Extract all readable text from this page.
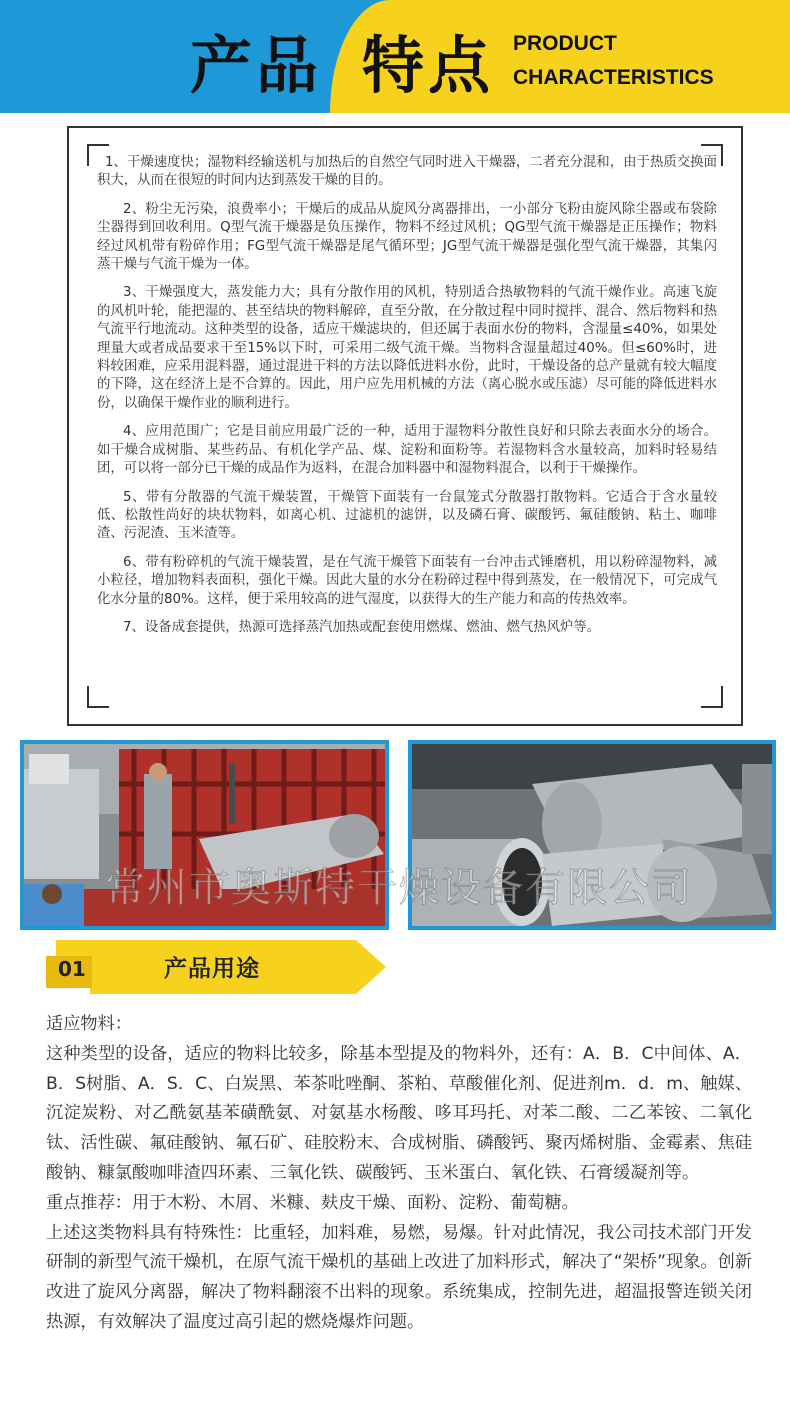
产品 特点 PRODUCT
CHARACTERISTICS

1、干燥速度快；湿物料经输送机与加热后的自然空气同时进入干燥器，二者充分混和，由于热质交换面积大，从而在很短的时间内达到蒸发干燥的目的。

2、粉尘无污染，浪费率小；干燥后的成品从旋风分离器排出，一小部分飞粉由旋风除尘器或布袋除尘器得到回收利用。Q型气流干燥器是负压操作，物料不经过风机；QG型气流干燥器是正压操作；物料经过风机带有粉碎作用；FG型气流干燥器是尾气循环型；JG型气流干燥器是强化型气流干燥器，其集闪蒸干燥与气流干燥为一体。

3、干燥强度大，蒸发能力大；具有分散作用的风机，特别适合热敏物料的气流干燥作业。高速飞旋的风机叶轮，能把湿的、甚至结块的物料解碎，直至分散，在分散过程中同时搅拌、混合、然后物料和热气流平行地流动。这种类型的设备，适应干燥滤块的，但还属于表面水份的物料，含湿量≤40%，如果处理量大或者成品要求干至15%以下时，可采用二级气流干燥。当物料含湿量超过40%。但≤60%时，进料较困难，应采用混料器，通过混进干料的方法以降低进料水份，此时，干燥设备的总产量就有较大幅度的下降，这在经济上是不合算的。因此，用户应先用机械的方法（离心脱水或压滤）尽可能的降低进料水份，以确保干燥作业的顺利进行。

4、应用范围广；它是目前应用最广泛的一种，适用于湿物料分散性良好和只除去表面水分的场合。如干燥合成树脂、某些药品、有机化学产品、煤、淀粉和面粉等。若湿物料含水量较高，加料时轻易结团，可以将一部分已干燥的成品作为返料，在混合加料器中和湿物料混合，以利于干燥操作。

5、带有分散器的气流干燥装置，干燥管下面装有一台鼠笼式分散器打散物料。它适合于含水量较低、松散性尚好的块状物料，如离心机、过滤机的滤饼，以及磷石膏、碳酸钙、氟硅酸钠、粘土、咖啡渣、污泥渣、玉米渣等。

6、带有粉碎机的气流干燥装置，是在气流干燥管下面装有一台冲击式锤磨机，用以粉碎湿物料，减小粒径，增加物料表面积，强化干燥。因此大量的水分在粉碎过程中得到蒸发，在一般情况下，可完成气化水分量的80%。这样，便于采用较高的进气湿度，以获得大的生产能力和高的传热效率。

7、设备成套提供，热源可选择蒸汽加热或配套使用燃煤、燃油、燃气热风炉等。

常州市奥斯特干燥设备有限公司
01	产品用途

适应物料：

这种类型的设备，适应的物料比较多，除基本型提及的物料外，还有：A．B．C中间体、A．B．S树脂、A．S．C、白炭黑、苯茶吡唑酮、茶粕、草酸催化剂、促进剂m．d．m、触媒、沉淀炭粉、对乙酰氨基苯磺酰氨、对氨基水杨酸、哆耳玛托、对苯二酸、二乙苯铵、二氧化钛、活性碳、氟硅酸钠、氟石矿、硅胶粉末、合成树脂、磷酸钙、聚丙烯树脂、金霉素、焦硅酸钠、糠氯酸咖啡渣四环素、三氧化铁、碳酸钙、玉米蛋白、氧化铁、石膏缓凝剂等。

重点推荐：用于木粉、木屑、米糠、麸皮干燥、面粉、淀粉、葡萄糖。

上述这类物料具有特殊性：比重轻，加料难，易燃，易爆。针对此情况，我公司技术部门开发研制的新型气流干燥机，在原气流干燥机的基础上改进了加料形式，解决了“架桥”现象。创新改进了旋风分离器，解决了物料翻滚不出料的现象。系统集成，控制先进，超温报警连锁关闭热源，有效解决了温度过高引起的燃烧爆炸问题。
